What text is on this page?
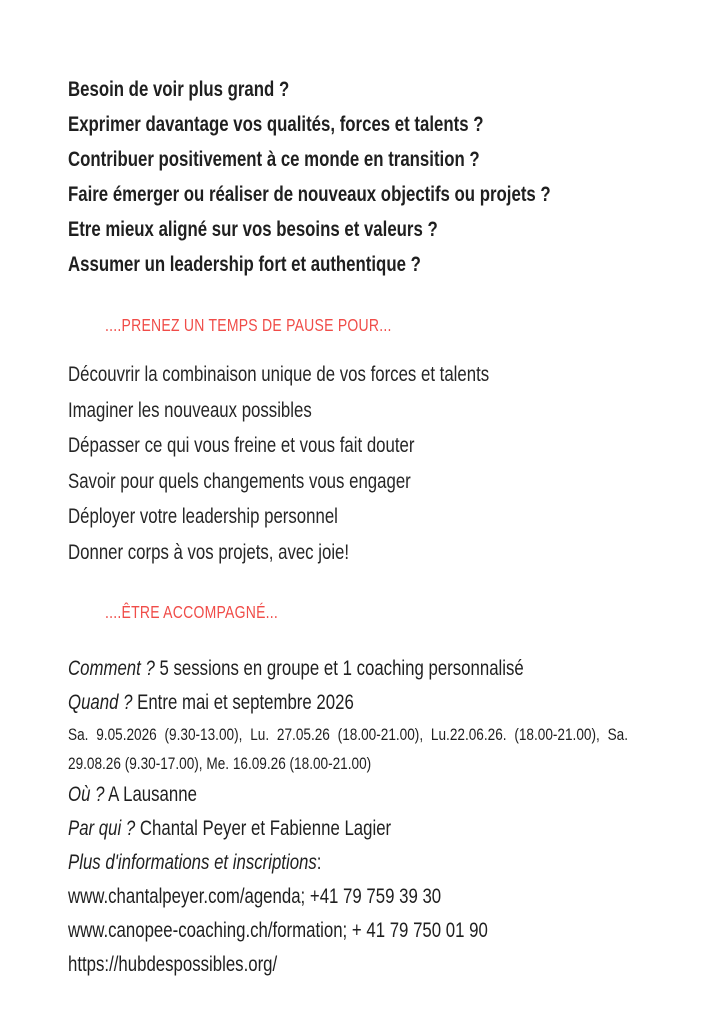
Besoin de voir plus grand ?

Exprimer davantage vos qualités, forces et talents ?

Contribuer positivement à ce monde en transition ?

Faire émerger ou réaliser de nouveaux objectifs ou projets ?

Etre mieux aligné sur vos besoins et valeurs ?

Assumer un leadership fort et authentique ?

....PRENEZ UN TEMPS DE PAUSE POUR...

Découvrir la combinaison unique de vos forces et talents

Imaginer les nouveaux possibles

Dépasser ce qui vous freine et vous fait douter

Savoir pour quels changements vous engager

Déployer votre leadership personnel

Donner corps à vos projets, avec joie!

....ÊTRE ACCOMPAGNÉ...

Comment ? 5 sessions en groupe et 1 coaching personnalisé

Quand ? Entre mai et septembre 2026

Sa. 9.05.2026 (9.30-13.00), Lu. 27.05.26 (18.00-21.00), Lu.22.06.26. (18.00-21.00), Sa. 29.08.26 (9.30-17.00), Me. 16.09.26 (18.00-21.00)

Où ? A Lausanne

Par qui ? Chantal Peyer et Fabienne Lagier

Plus d'informations et inscriptions:

www.chantalpeyer.com/agenda; +41 79 759 39 30

www.canopee-coaching.ch/formation; + 41 79 750 01 90

https://hubdespossibles.org/
